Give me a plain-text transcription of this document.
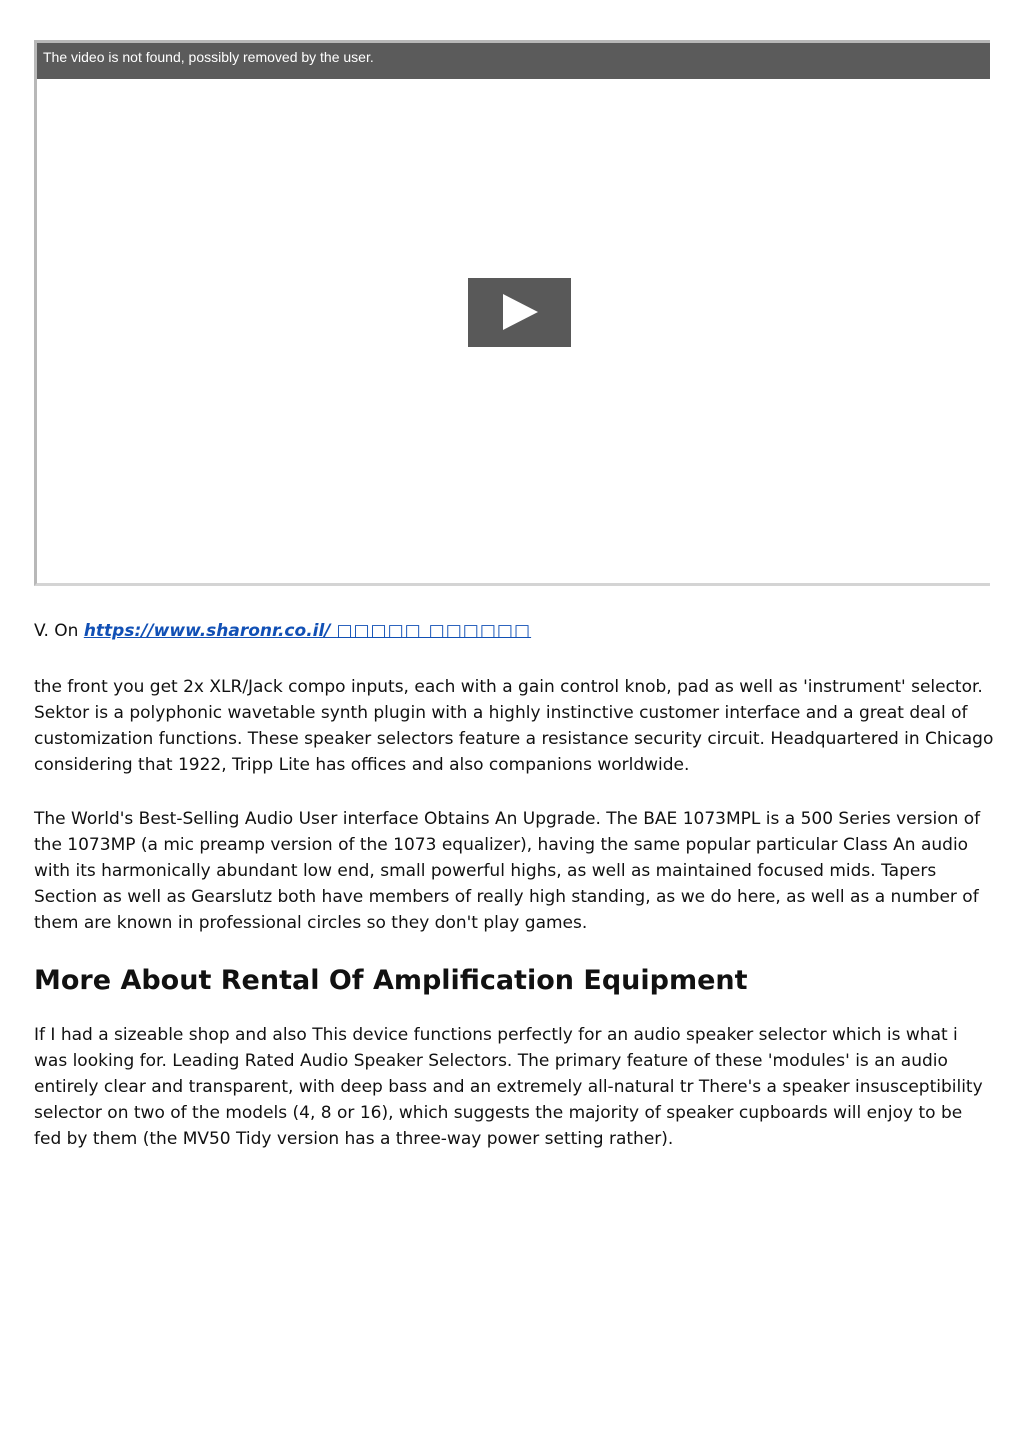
The video is not found, possibly removed by the user.

V. On https://www.sharonr.co.il/ □□□□□ □□□□□□

the front you get 2x XLR/Jack compo inputs, each with a gain control knob, pad as well as 'instrument' selector. Sektor is a polyphonic wavetable synth plugin with a highly instinctive customer interface and a great deal of customization functions. These speaker selectors feature a resistance security circuit. Headquartered in Chicago considering that 1922, Tripp Lite has offices and also companions worldwide.

The World's Best-Selling Audio User interface Obtains An Upgrade. The BAE 1073MPL is a 500 Series version of the 1073MP (a mic preamp version of the 1073 equalizer), having the same popular particular Class An audio with its harmonically abundant low end, small powerful highs, as well as maintained focused mids. Tapers Section as well as Gearslutz both have members of really high standing, as we do here, as well as a number of them are known in professional circles so they don't play games.

More About Rental Of Amplification Equipment

If I had a sizeable shop and also This device functions perfectly for an audio speaker selector which is what i was looking for. Leading Rated Audio Speaker Selectors. The primary feature of these 'modules' is an audio entirely clear and transparent, with deep bass and an extremely all-natural tr There's a speaker insusceptibility selector on two of the models (4, 8 or 16), which suggests the majority of speaker cupboards will enjoy to be fed by them (the MV50 Tidy version has a three-way power setting rather).
